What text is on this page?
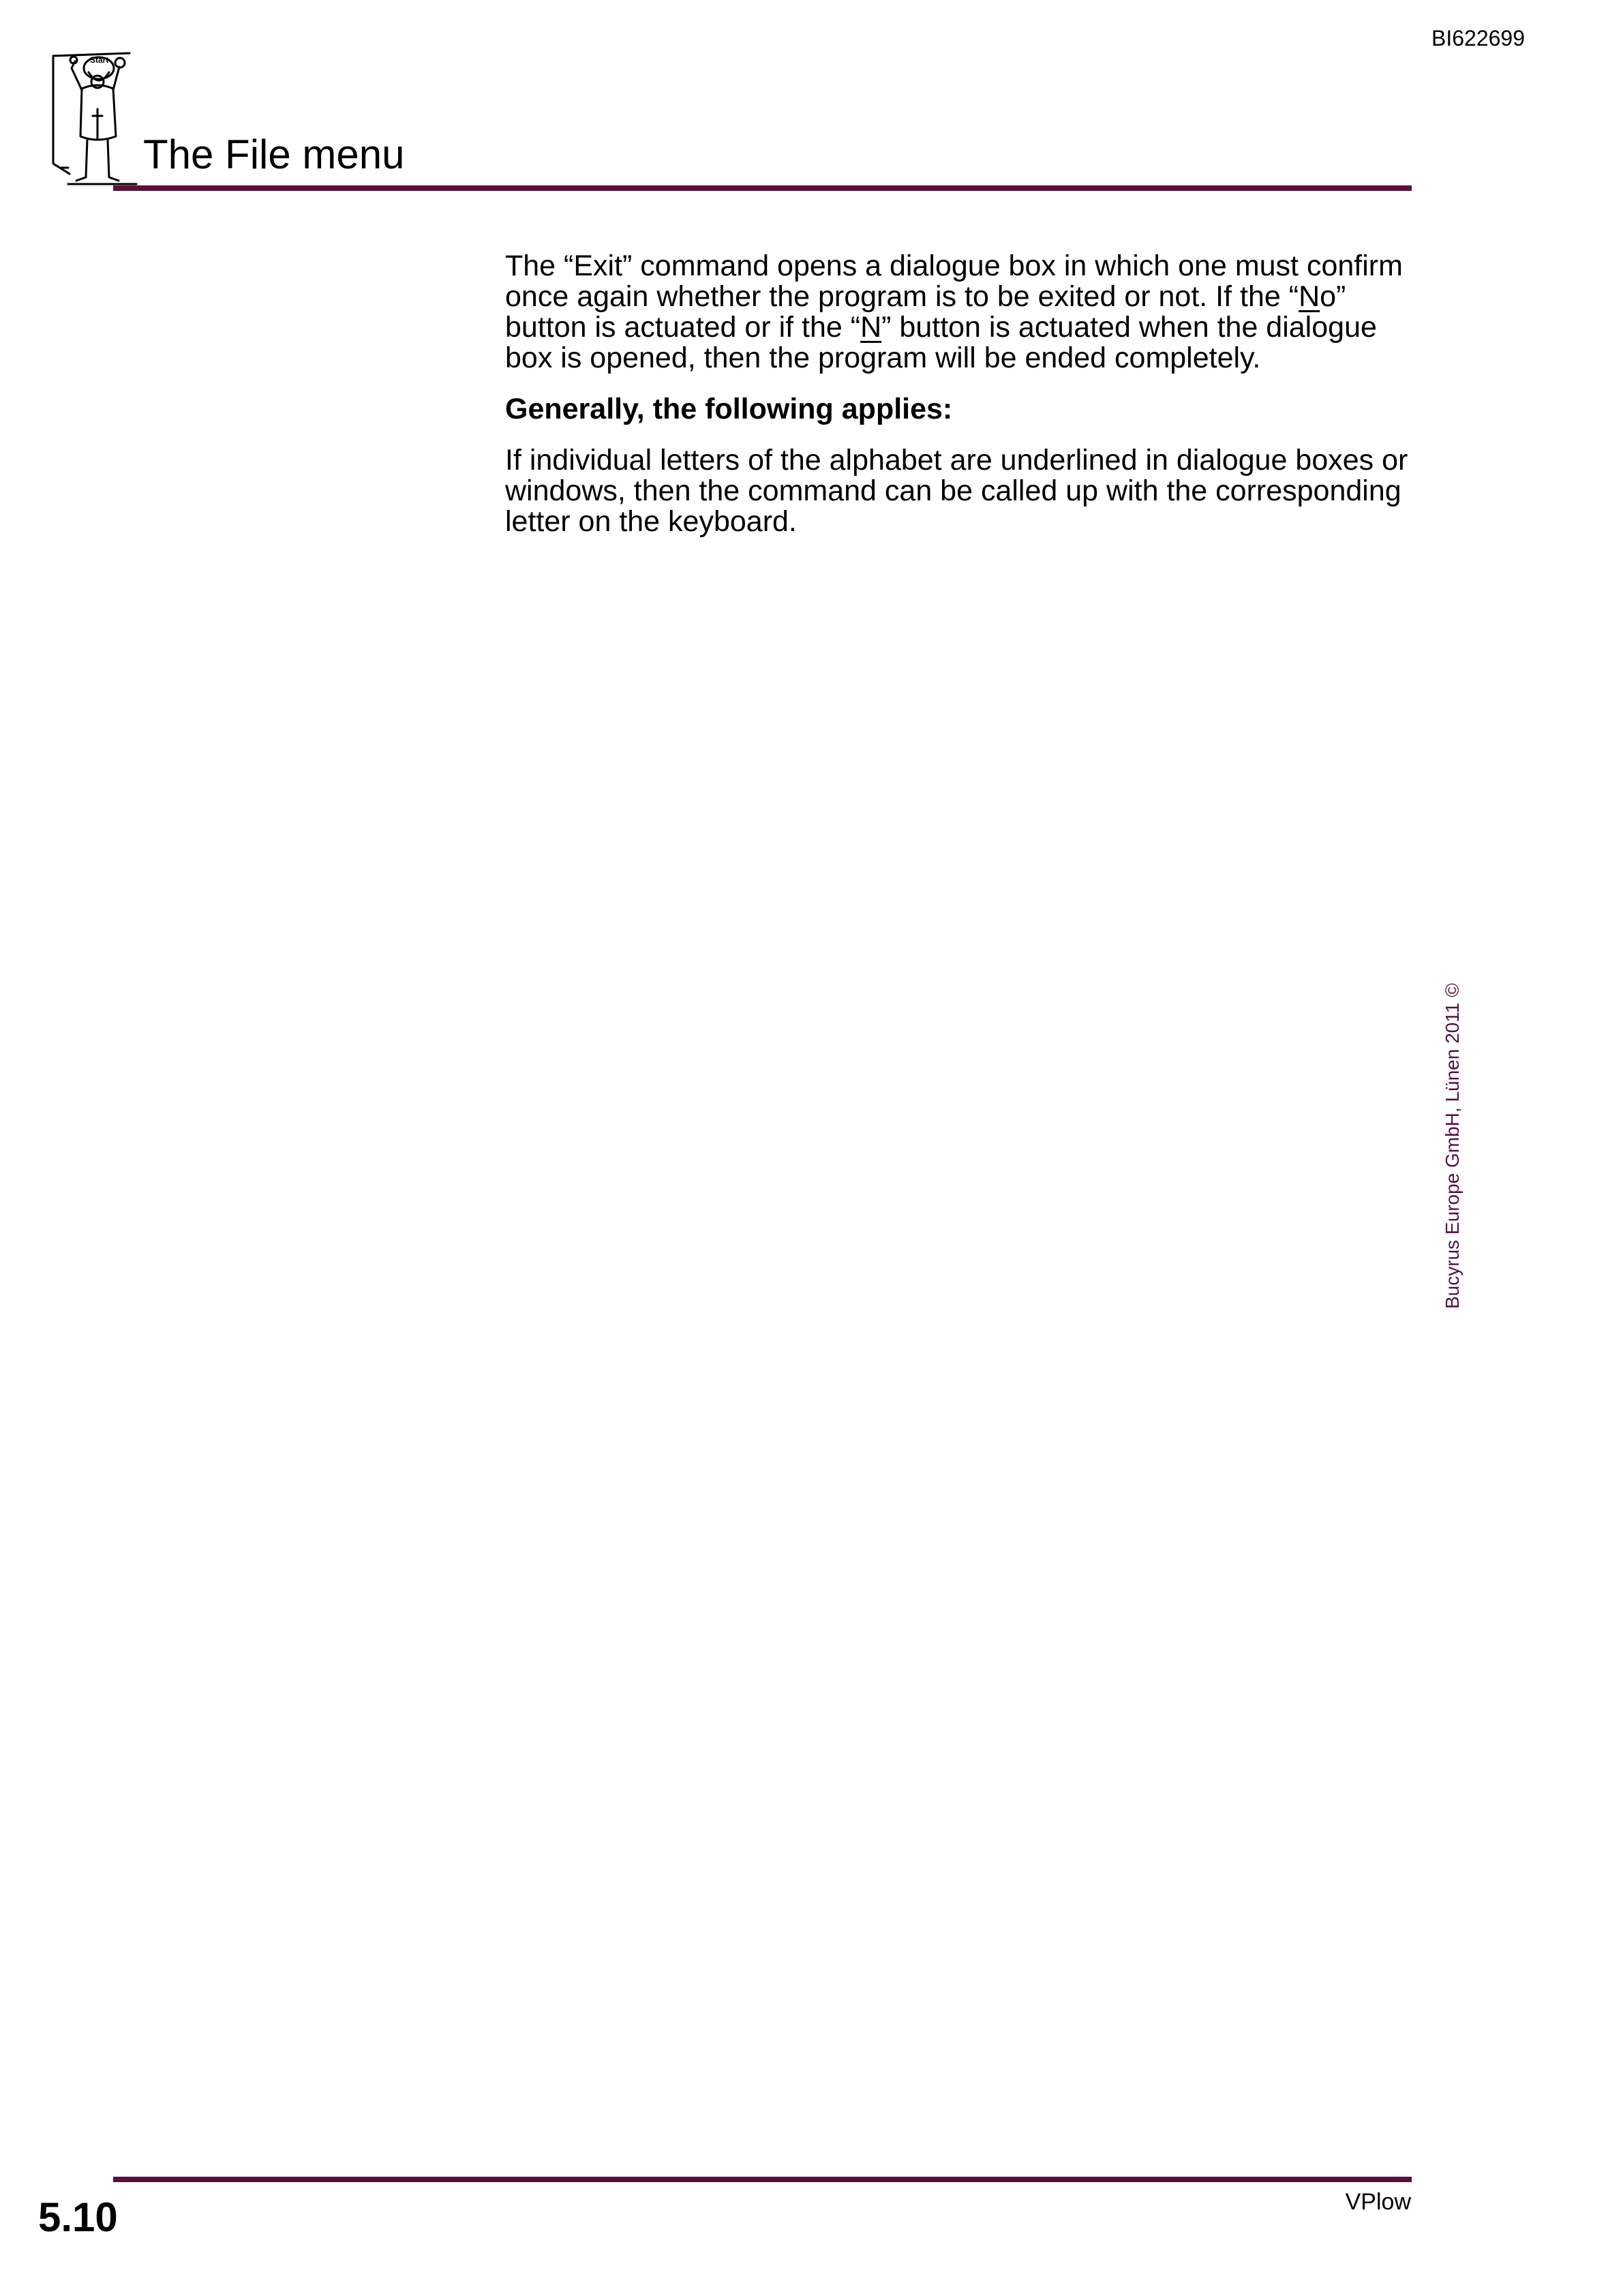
BI622699
Start
The File menu

The “Exit” command opens a dialogue box in which one must confirm once again whether the program is to be exited or not. If the “No” button is actuated or if the “N” button is actuated when the dialogue box is opened, then the program will be ended completely.

Generally, the following applies:

If individual letters of the alphabet are underlined in dialogue boxes or windows, then the command can be called up with the corresponding letter on the keyboard.

Bucyrus Europe GmbH, Lünen 2011 ©
5.10	VPlow
